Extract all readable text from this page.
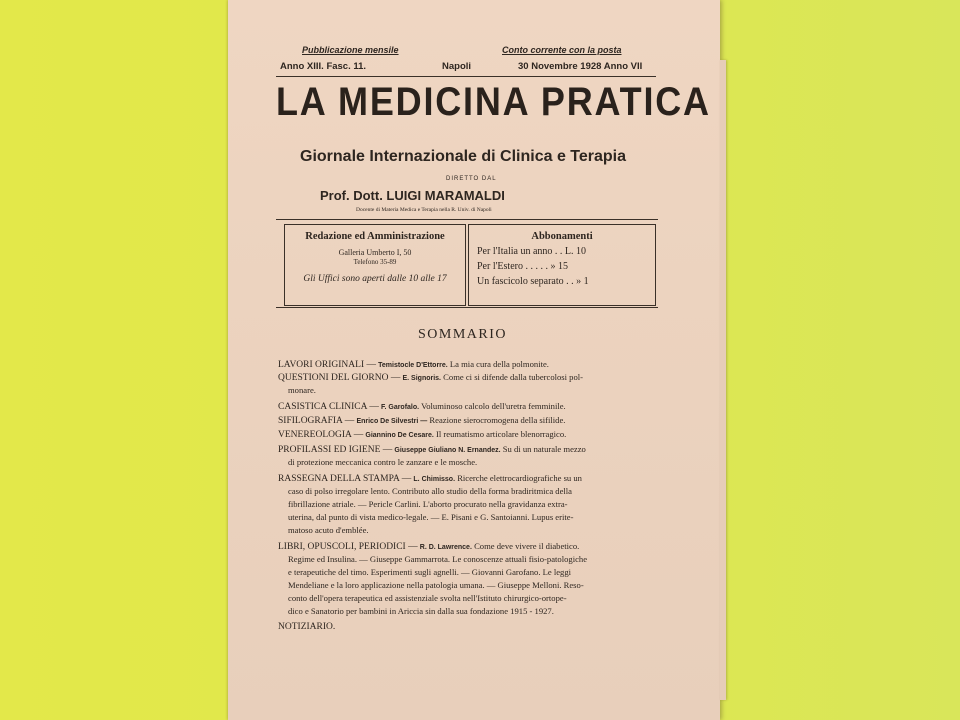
Pubblicazione mensile	Conto corrente con la posta
Anno XIII. Fasc. 11.	Napoli	30 Novembre 1928 Anno VII
LA MEDICINA PRATICA
Giornale Internazionale di Clinica e Terapia
DIRETTO DAL
Prof. Dott. LUIGI MARAMALDI
Docente di Materia Medica e Terapia nella R. Univ. di Napoli
Redazione ed Amministrazione
Galleria Umberto I, 50
Telefono 35-89
Gli Uffici sono aperti dalle 10 alle 17
Abbonamenti
Per l'Italia un anno . . L. 10
Per l'Estero . . . . . » 15
Un fascicolo separato . . » 1
SOMMARIO
LAVORI ORIGINALI — Temistocle D'Ettorre. La mia cura della polmonite.
QUESTIONI DEL GIORNO — E. Signoris. Come ci si difende dalla tubercolosi pol-
monare.
CASISTICA CLINICA — F. Garofalo. Voluminoso calcolo dell'uretra femminile.
SIFILOGRAFIA — Enrico De Silvestri — Reazione sierocromogena della sifilide.
VENEREOLOGIA — Giannino De Cesare. Il reumatismo articolare blenorragico.
PROFILASSI ED IGIENE — Giuseppe Giuliano N. Ernandez. Su di un naturale mezzo
di protezione meccanica contro le zanzare e le mosche.
RASSEGNA DELLA STAMPA — L. Chimisso. Ricerche elettrocardiografiche su un
caso di polso irregolare lento. Contributo allo studio della forma bradiritmica della
fibrillazione atriale. — Pericle Carlini. L'aborto procurato nella gravidanza extra-
uterina, dal punto di vista medico-legale. — E. Pisani e G. Santoianni. Lupus erite-
matoso acuto d'emblée.
LIBRI, OPUSCOLI, PERIODICI — R. D. Lawrence. Come deve vivere il diabetico.
Regime ed Insulina. — Giuseppe Gammarrota. Le conoscenze attuali fisio-patologiche
e terapeutiche del timo. Esperimenti sugli agnelli. — Giovanni Garofano. Le leggi
Mendeliane e la loro applicazione nella patologia umana. — Giuseppe Melloni. Reso-
conto dell'opera terapeutica ed assistenziale svolta nell'Istituto chirurgico-ortope-
dico e Sanatorio per bambini in Ariccia sin dalla sua fondazione 1915 - 1927.
NOTIZIARIO.
